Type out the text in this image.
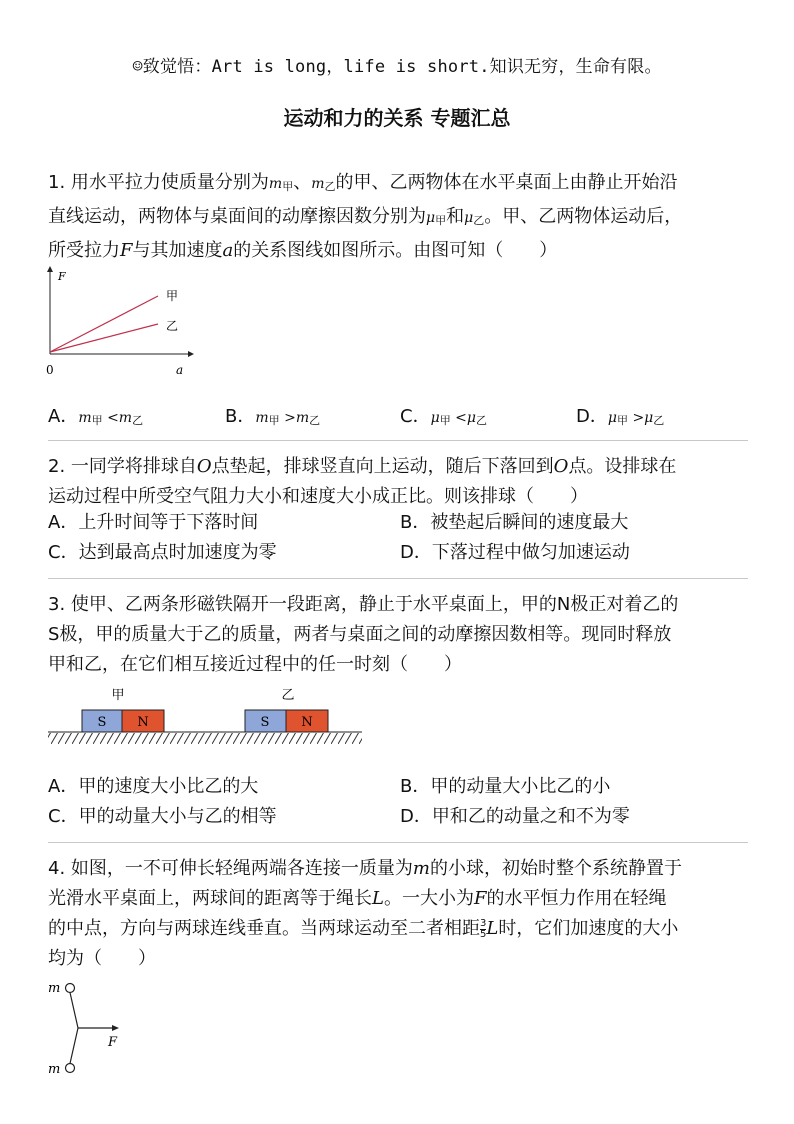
☺致觉悟：Art is long，life is short.知识无穷，生命有限。
运动和力的关系 专题汇总
1. 用水平拉力使质量分别为m甲、m乙的甲、乙两物体在水平桌面上由静止开始沿
直线运动，两物体与桌面间的动摩擦因数分别为μ甲和μ乙。甲、乙两物体运动后，
所受拉力F与其加速度a的关系图线如图所示。由图可知（　　）
F
0	a
甲
乙
A．m甲 <m乙	B．m甲 >m乙	C．μ甲 <μ乙	D．μ甲 >μ乙
2. 一同学将排球自O点垫起，排球竖直向上运动，随后下落回到O点。设排球在
运动过程中所受空气阻力大小和速度大小成正比。则该排球（　　）
A．上升时间等于下落时间	B．被垫起后瞬间的速度最大
C．达到最高点时加速度为零	D．下落过程中做匀加速运动
3. 使甲、乙两条形磁铁隔开一段距离，静止于水平桌面上，甲的N极正对着乙的
S极，甲的质量大于乙的质量，两者与桌面之间的动摩擦因数相等。现同时释放
甲和乙，在它们相互接近过程中的任一时刻（　　）
甲
S N
乙
S N
A．甲的速度大小比乙的大	B．甲的动量大小比乙的小
C．甲的动量大小与乙的相等	D．甲和乙的动量之和不为零
4. 如图，一不可伸长轻绳两端各连接一质量为m的小球，初始时整个系统静置于
光滑水平桌面上，两球间的距离等于绳长L。一大小为F的水平恒力作用在轻绳
的中点，方向与两球连线垂直。当两球运动至二者相距 $\frac{3}{5}$ L时，它们加速度的大小
均为（　　）
m
m
F
